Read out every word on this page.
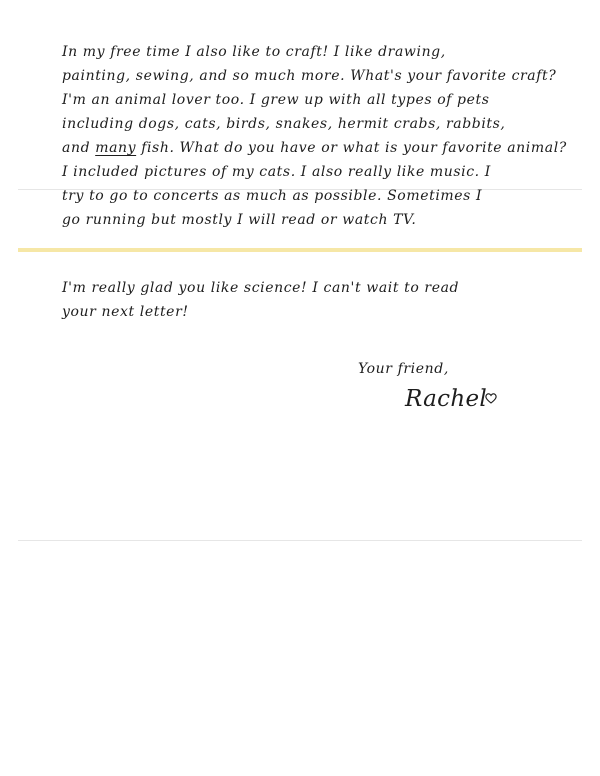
In my free time I also like to craft! I like drawing,
painting, sewing, and so much more. What's your favorite craft?
I'm an animal lover too. I grew up with all types of pets
including dogs, cats, birds, snakes, hermit crabs, rabbits,
and many fish. What do you have or what is your favorite animal?
I included pictures of my cats. I also really like music. I
try to go to concerts as much as possible. Sometimes I
go running but mostly I will read or watch TV.
I'm really glad you like science! I can't wait to read
your next letter!
Your friend,
Rachel
